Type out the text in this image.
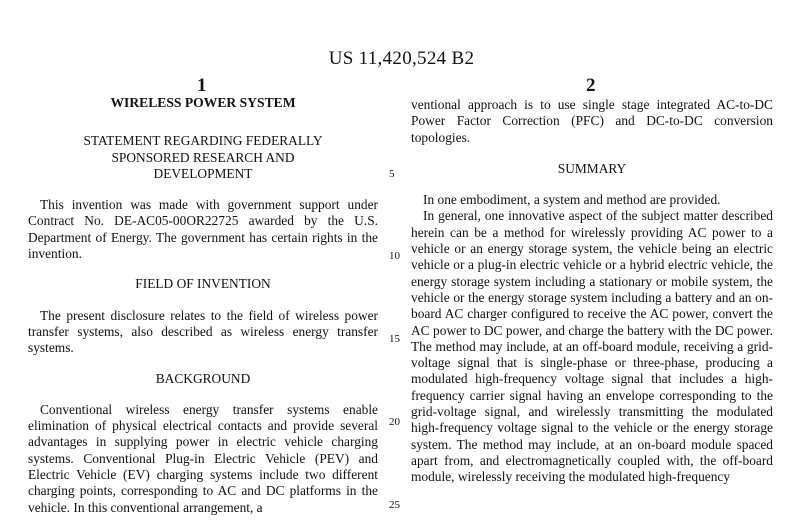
US 11,420,524 B2
1	2

WIRELESS POWER SYSTEM

STATEMENT REGARDING FEDERALLY

SPONSORED RESEARCH AND

DEVELOPMENT

This invention was made with government support under Contract No. DE-AC05-00OR22725 awarded by the U.S. Department of Energy. The government has certain rights in the invention.

FIELD OF INVENTION

The present disclosure relates to the field of wireless power transfer systems, also described as wireless energy transfer systems.

BACKGROUND

Conventional wireless energy transfer systems enable elimination of physical electrical contacts and provide several advantages in supplying power in electric vehicle charging systems. Conventional Plug-in Electric Vehicle (PEV) and Electric Vehicle (EV) charging systems include two different charging points, corresponding to AC and DC platforms in the vehicle. In this conventional arrangement, a

5
10
15
20
25

ventional approach is to use single stage integrated AC-to-DC Power Factor Correction (PFC) and DC-to-DC conversion topologies.

SUMMARY

In one embodiment, a system and method are provided.

In general, one innovative aspect of the subject matter described herein can be a method for wirelessly providing AC power to a vehicle or an energy storage system, the vehicle being an electric vehicle or a plug-in electric vehicle or a hybrid electric vehicle, the energy storage system including a stationary or mobile system, the vehicle or the energy storage system including a battery and an on-board AC charger configured to receive the AC power, convert the AC power to DC power, and charge the battery with the DC power. The method may include, at an off-board module, receiving a grid-voltage signal that is single-phase or three-phase, producing a modulated high-frequency voltage signal that includes a high-frequency carrier signal having an envelope corresponding to the grid-voltage signal, and wirelessly transmitting the modulated high-frequency voltage signal to the vehicle or the energy storage system. The method may include, at an on-board module spaced apart from, and electromagnetically coupled with, the off-board module, wirelessly receiving the modulated high-frequency
